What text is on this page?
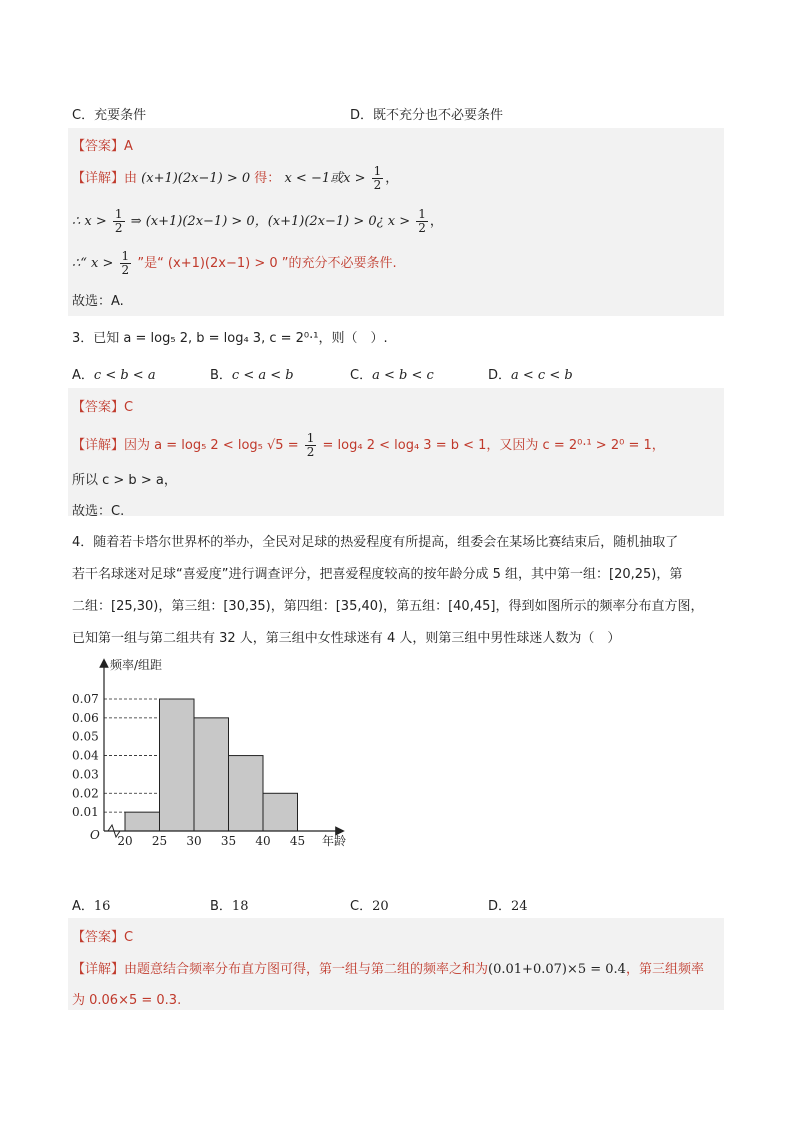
C．充要条件	D．既不充分也不必要条件
【答案】A
【详解】由 (x+1)(2x−1) > 0 得： x < −1或$x > \frac{1}{2}$ ，
∴ $x > \frac{1}{2}$ ⇒ (x+1)(2x−1) > 0，(x+1)(2x−1) > 0¿ $x > \frac{1}{2}$ ，
∴“ $x > \frac{1}{2}$ ”是“ (x+1)(2x−1) > 0 ”的充分不必要条件.
故选：A.
3．已知 a = log₅ 2, b = log₄ 3, c = 2⁰·¹，则（　）.
A．c < b < a	B．c < a < b	C．a < b < c	D．a < c < b
【答案】C
【详解】因为 a = log₅ 2 < log₅ $√5 = \frac{1}{2} = \log_4$ 2 < log₄ 3 = b < 1，又因为 c = 2⁰·¹ > 2⁰ = 1，
所以 c > b > a，
故选：C.
4．随着若卡塔尔世界杯的举办，全民对足球的热爱程度有所提高，组委会在某场比赛结束后，随机抽取了
若干名球迷对足球“喜爱度”进行调查评分，把喜爱程度较高的按年龄分成 5 组，其中第一组：[20,25)，第
二组：[25,30)，第三组：[30,35)，第四组：[35,40)，第五组：[40,45]，得到如图所示的频率分布直方图，
已知第一组与第二组共有 32 人，第三组中女性球迷有 4 人，则第三组中男性球迷人数为（　）
0.01
0.02
0.03
0.04
0.05
0.06
0.07
20 25 30 35 40 45
频率/组距
年龄
O
A．16	B．18	C．20	D．24
【答案】C
【详解】由题意结合频率分布直方图可得，第一组与第二组的频率之和为(0.01+0.07)×5 = 0.4，第三组频率
为 0.06×5 = 0.3.
